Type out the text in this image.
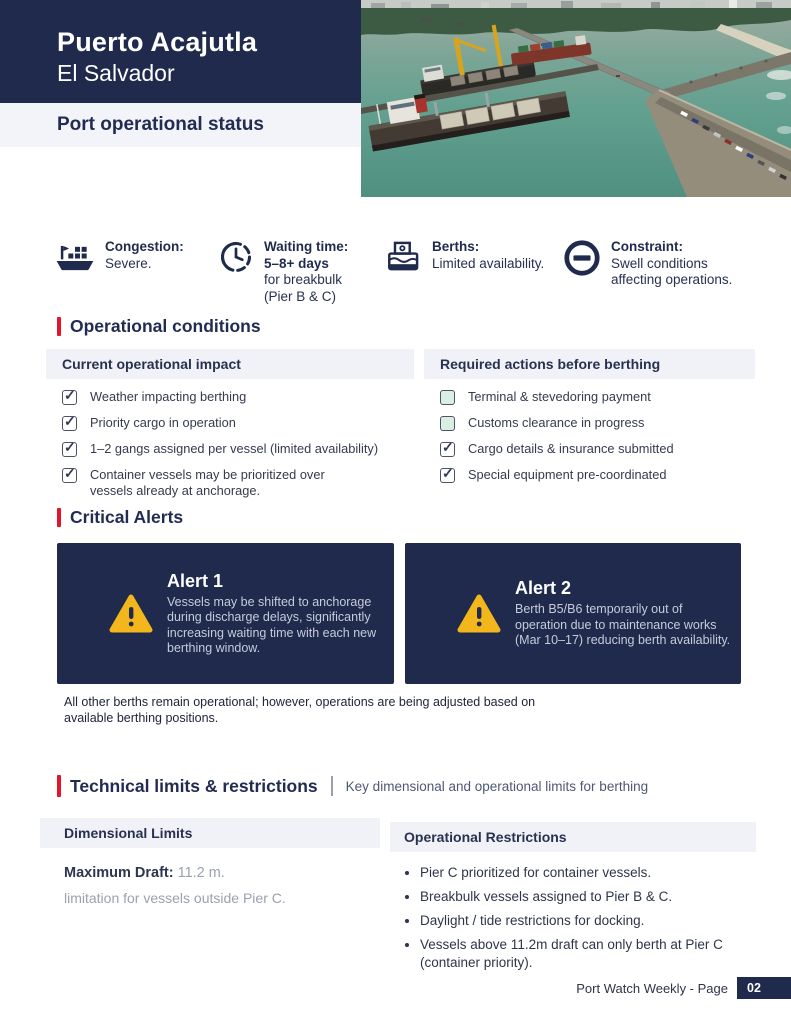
Puerto Acajutla
El Salvador
Port operational status
Congestion:
Severe.
Waiting time:
5–8+ days
for breakbulk
(Pier B & C)
Berths:
Limited availability.
Constraint:
Swell conditions
affecting operations.
Operational conditions
Current operational impact
✓
Weather impacting berthing
✓
Priority cargo in operation
✓
1–2 gangs assigned per vessel (limited availability)
✓
Container vessels may be prioritized over vessels already at anchorage.
Required actions before berthing
Terminal & stevedoring payment
Customs clearance in progress
✓
Cargo details & insurance submitted
✓
Special equipment pre-coordinated
Critical Alerts
Alert 1
Vessels may be shifted to anchorage during discharge delays, significantly increasing waiting time with each new berthing window.
Alert 2
Berth B5/B6 temporarily out of operation due to maintenance works (Mar 10–17) reducing berth availability.
All other berths remain operational; however, operations are being adjusted based on available berthing positions.
Technical limits & restrictions Key dimensional and operational limits for berthing
Dimensional Limits
Maximum Draft: 11.2 m.
limitation for vessels outside Pier C.
Operational Restrictions
• Pier C prioritized for container vessels.
• Breakbulk vessels assigned to Pier B & C.
• Daylight / tide restrictions for docking.
• Vessels above 11.2m draft can only berth at Pier C (container priority).
Port Watch Weekly - Page	02
